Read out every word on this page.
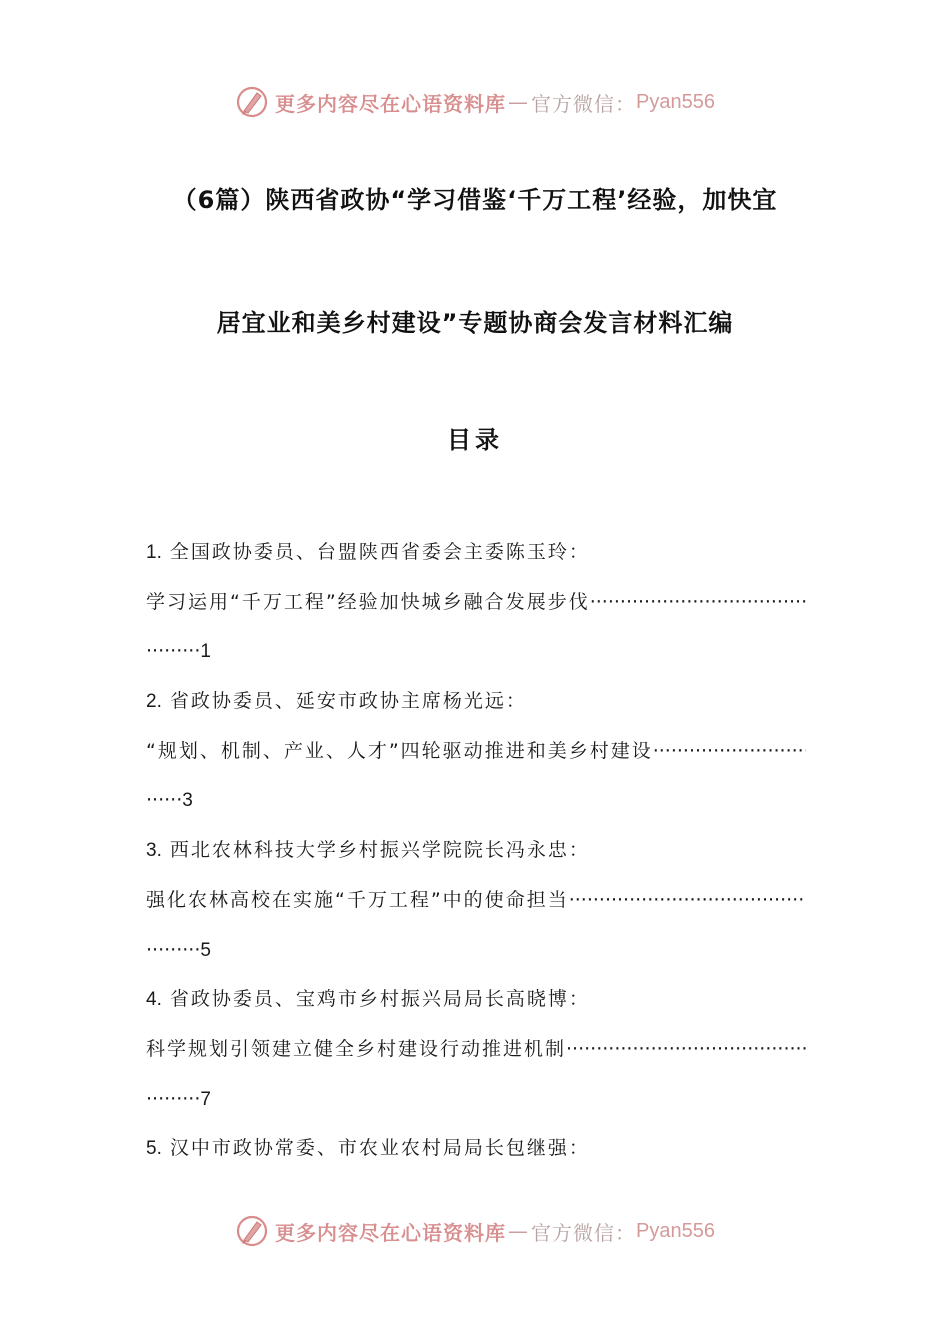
更多内容尽在心语资料库 — 官方微信： Pyan556
（6篇）陕西省政协“学习借鉴‘千万工程’经验，加快宜
居宜业和美乡村建设”专题协商会发言材料汇编
目录
1. 全国政协委员、台盟陕西省委会主委陈玉玲：
学习运用“千万工程”经验加快城乡融合发展步伐
·····
····· 1
2. 省政协委员、延安市政协主席杨光远：
“规划、机制、产业、人才”四轮驱动推进和美乡村建设
·····
······ 3
3. 西北农林科技大学乡村振兴学院院长冯永忠：
强化农林高校在实施“千万工程”中的使命担当
·····
····· 5
4. 省政协委员、宝鸡市乡村振兴局局长高晓博：
科学规划引领建立健全乡村建设行动推进机制
·····
····· 7
5. 汉中市政协常委、市农业农村局局长包继强：
更多内容尽在心语资料库 — 官方微信： Pyan556
